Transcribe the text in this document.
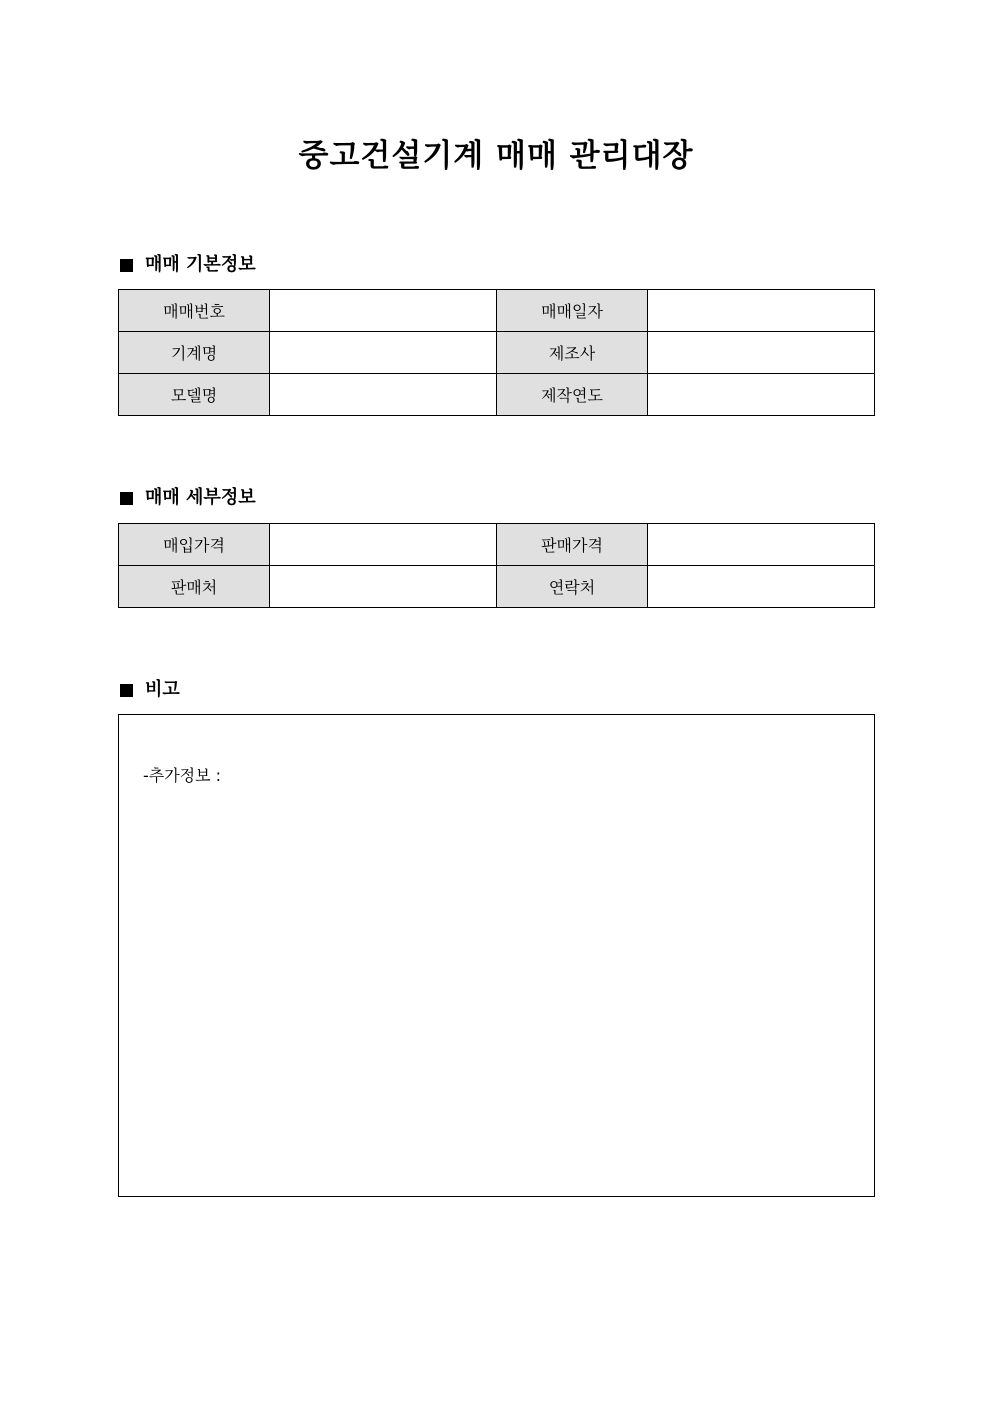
중고건설기계 매매 관리대장
매매 기본정보
매매번호		매매일자	
기계명		제조사	
모델명		제작연도	
매매 세부정보
매입가격		판매가격	
판매처		연락처	
비고
-추가정보 :
